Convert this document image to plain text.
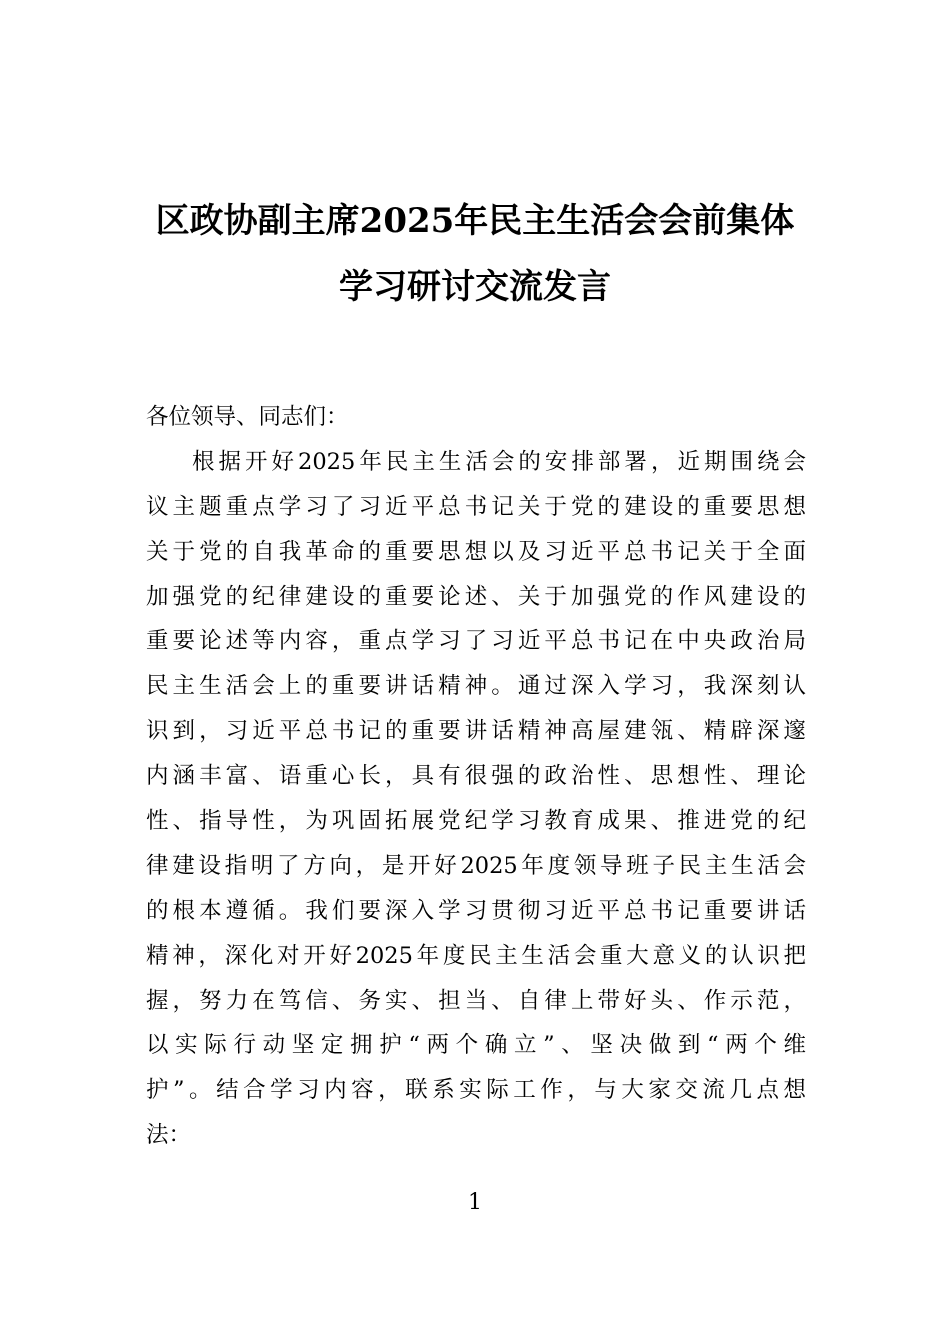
区政协副主席2025年民主生活会会前集体
学习研讨交流发言
各位领导、同志们：
根据开好2025年民主生活会的安排部署，近期围绕会
议主题重点学习了习近平总书记关于党的建设的重要思想
关于党的自我革命的重要思想以及习近平总书记关于全面
加强党的纪律建设的重要论述、关于加强党的作风建设的
重要论述等内容，重点学习了习近平总书记在中央政治局
民主生活会上的重要讲话精神。通过深入学习，我深刻认
识到，习近平总书记的重要讲话精神高屋建瓴、精辟深邃
内涵丰富、语重心长，具有很强的政治性、思想性、理论
性、指导性，为巩固拓展党纪学习教育成果、推进党的纪
律建设指明了方向，是开好2025年度领导班子民主生活会
的根本遵循。我们要深入学习贯彻习近平总书记重要讲话
精神，深化对开好2025年度民主生活会重大意义的认识把
握，努力在笃信、务实、担当、自律上带好头、作示范，
以实际行动坚定拥护“两个确立”、坚决做到“两个维
护”。结合学习内容，联系实际工作，与大家交流几点想
法：
1
